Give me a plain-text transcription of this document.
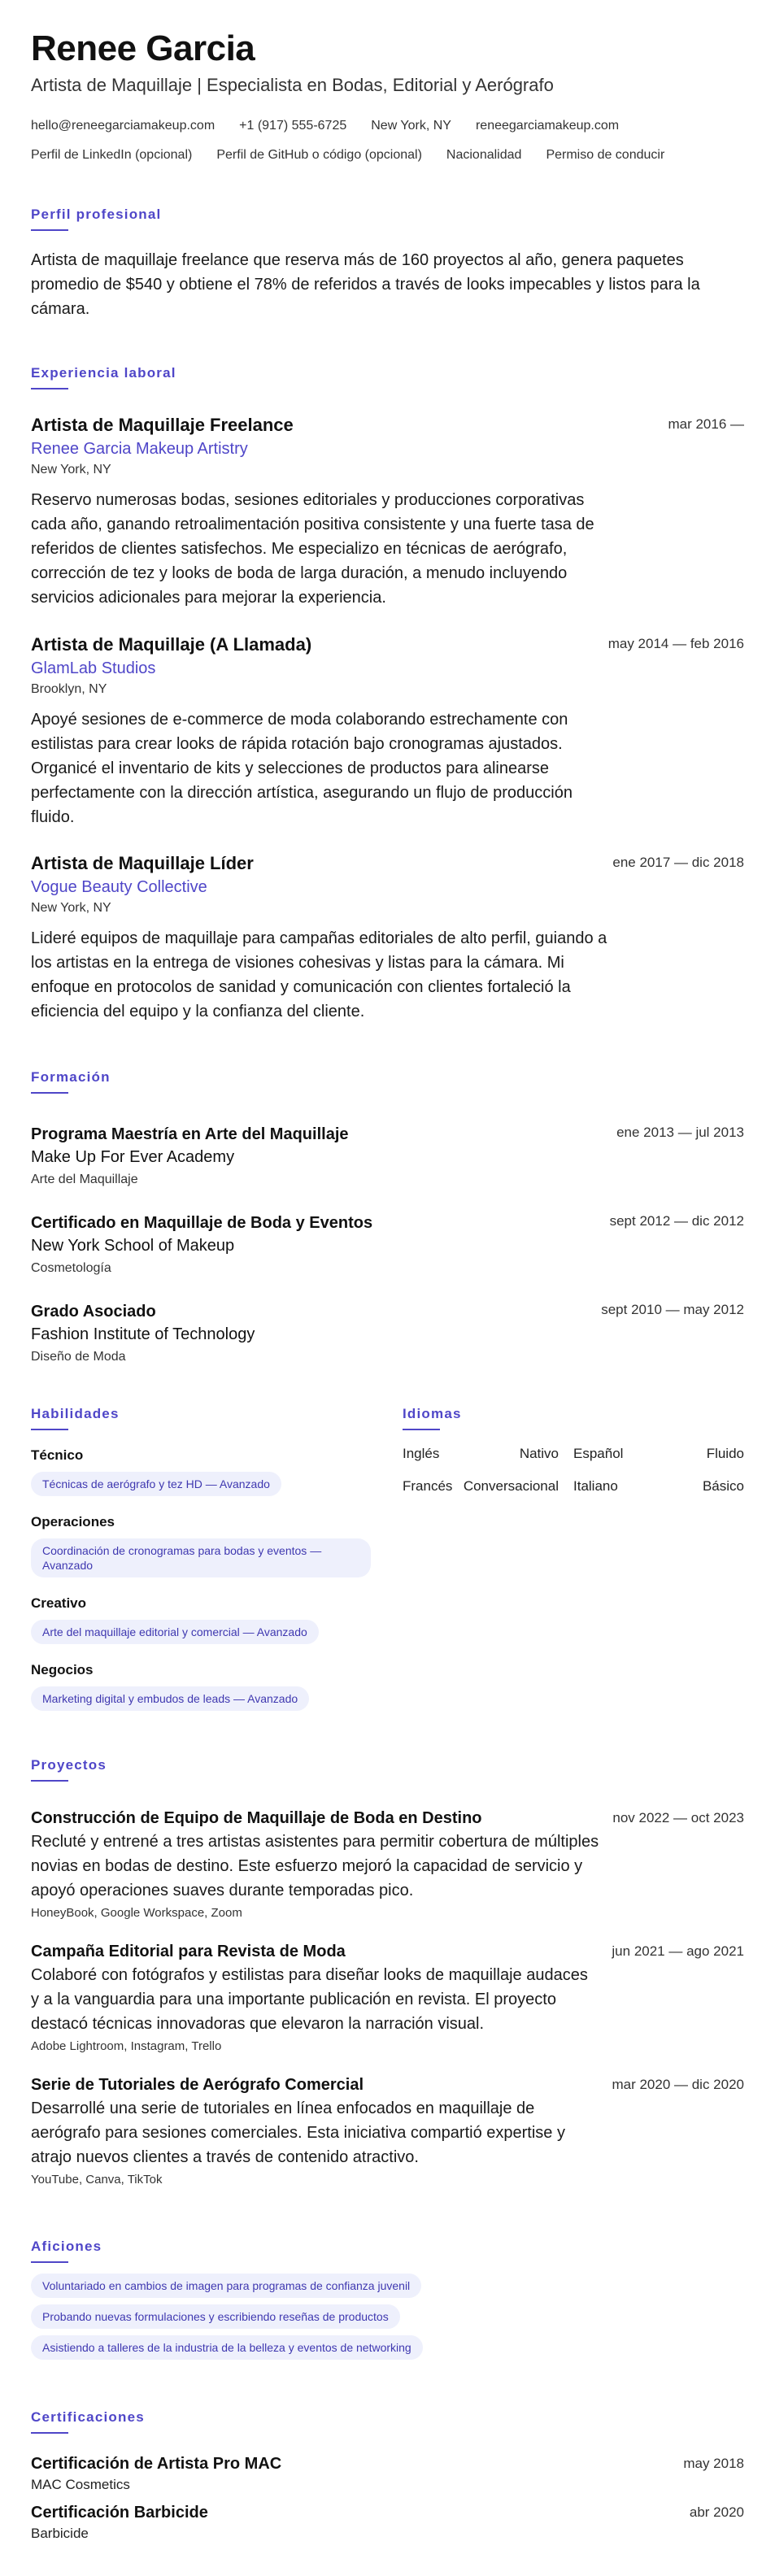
Renee Garcia
Artista de Maquillaje | Especialista en Bodas, Editorial y Aerógrafo
hello@reneegarciamakeup.com +1 (917) 555-6725 New York, NY reneegarciamakeup.com
Perfil de LinkedIn (opcional) Perfil de GitHub o código (opcional) Nacionalidad Permiso de conducir
Perfil profesional
Artista de maquillaje freelance que reserva más de 160 proyectos al año, genera paquetes promedio de $540 y obtiene el 78% de referidos a través de looks impecables y listos para la cámara.
Experiencia laboral
Artista de Maquillaje Freelance
Renee Garcia Makeup Artistry
New York, NY
Reservo numerosas bodas, sesiones editoriales y producciones corporativas cada año, ganando retroalimentación positiva consistente y una fuerte tasa de referidos de clientes satisfechos. Me especializo en técnicas de aerógrafo, corrección de tez y looks de boda de larga duración, a menudo incluyendo servicios adicionales para mejorar la experiencia.
mar 2016 —
Artista de Maquillaje (A Llamada)
GlamLab Studios
Brooklyn, NY
Apoyé sesiones de e-commerce de moda colaborando estrechamente con estilistas para crear looks de rápida rotación bajo cronogramas ajustados. Organicé el inventario de kits y selecciones de productos para alinearse perfectamente con la dirección artística, asegurando un flujo de producción fluido.
may 2014 — feb 2016
Artista de Maquillaje Líder
Vogue Beauty Collective
New York, NY
Lideré equipos de maquillaje para campañas editoriales de alto perfil, guiando a los artistas en la entrega de visiones cohesivas y listas para la cámara. Mi enfoque en protocolos de sanidad y comunicación con clientes fortaleció la eficiencia del equipo y la confianza del cliente.
ene 2017 — dic 2018
Formación
Programa Maestría en Arte del Maquillaje
Make Up For Ever Academy
Arte del Maquillaje
ene 2013 — jul 2013
Certificado en Maquillaje de Boda y Eventos
New York School of Makeup
Cosmetología
sept 2012 — dic 2012
Grado Asociado
Fashion Institute of Technology
Diseño de Moda
sept 2010 — may 2012
Habilidades
Técnico
Técnicas de aerógrafo y tez HD — Avanzado
Operaciones
Coordinación de cronogramas para bodas y eventos — Avanzado
Creativo
Arte del maquillaje editorial y comercial — Avanzado
Negocios
Marketing digital y embudos de leads — Avanzado
Idiomas
Inglés	Nativo Español	Fluido
Francés Conversacional Italiano	Básico
Proyectos
Construcción de Equipo de Maquillaje de Boda en Destino
Recluté y entrené a tres artistas asistentes para permitir cobertura de múltiples novias en bodas de destino. Este esfuerzo mejoró la capacidad de servicio y apoyó operaciones suaves durante temporadas pico.
HoneyBook, Google Workspace, Zoom
nov 2022 — oct 2023
Campaña Editorial para Revista de Moda
Colaboré con fotógrafos y estilistas para diseñar looks de maquillaje audaces y a la vanguardia para una importante publicación en revista. El proyecto destacó técnicas innovadoras que elevaron la narración visual.
Adobe Lightroom, Instagram, Trello
jun 2021 — ago 2021
Serie de Tutoriales de Aerógrafo Comercial
Desarrollé una serie de tutoriales en línea enfocados en maquillaje de aerógrafo para sesiones comerciales. Esta iniciativa compartió expertise y atrajo nuevos clientes a través de contenido atractivo.
YouTube, Canva, TikTok
mar 2020 — dic 2020
Aficiones
Voluntariado en cambios de imagen para programas de confianza juvenil
Probando nuevas formulaciones y escribiendo reseñas de productos
Asistiendo a talleres de la industria de la belleza y eventos de networking
Certificaciones
Certificación de Artista Pro MAC
MAC Cosmetics
may 2018
Certificación Barbicide
Barbicide
abr 2020
